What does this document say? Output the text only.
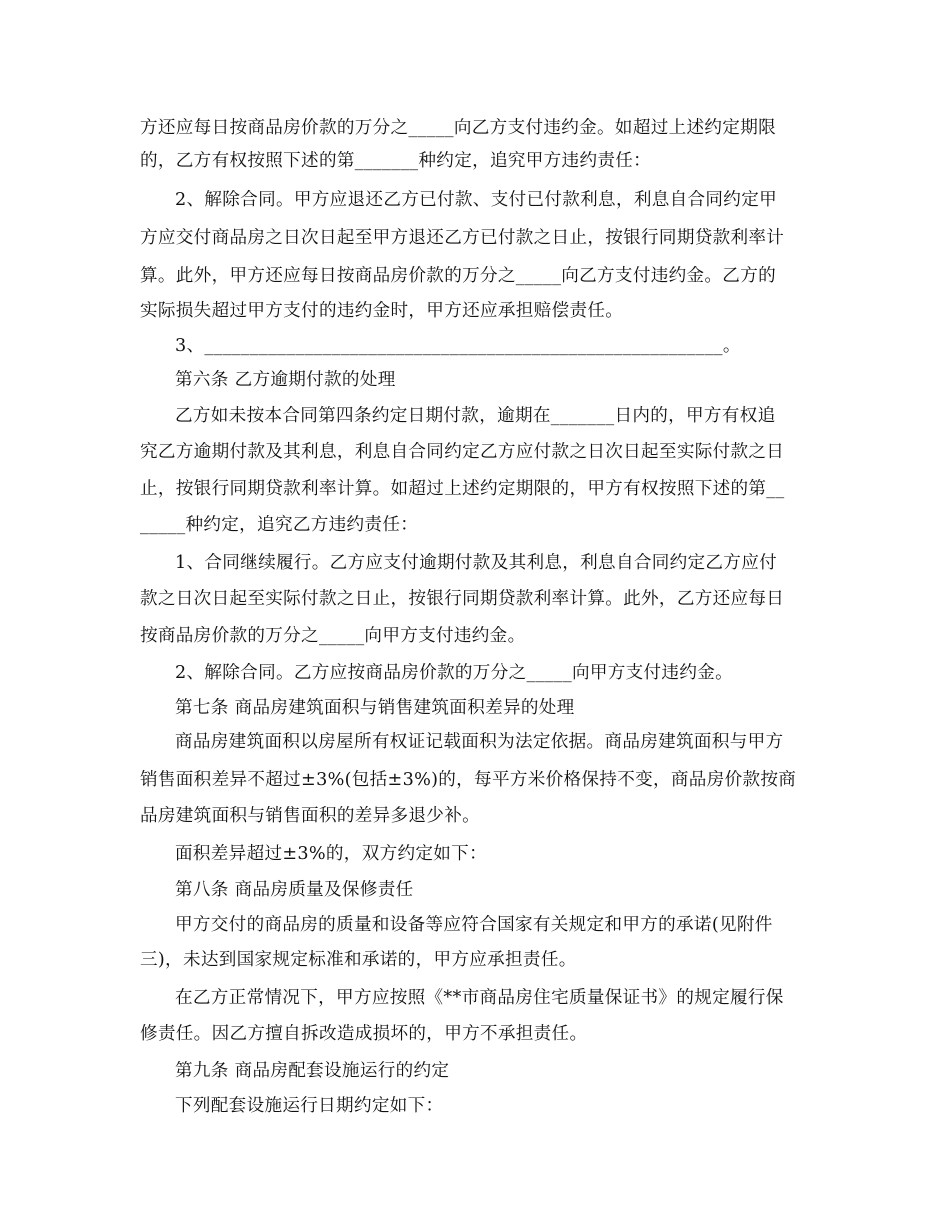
方还应每日按商品房价款的万分之_____向乙方支付违约金。如超过上述约定期限
的，乙方有权按照下述的第_______种约定，追究甲方违约责任：
2、解除合同。甲方应退还乙方已付款、支付已付款利息，利息自合同约定甲
方应交付商品房之日次日起至甲方退还乙方已付款之日止，按银行同期贷款利率计
算。此外，甲方还应每日按商品房价款的万分之_____向乙方支付违约金。乙方的
实际损失超过甲方支付的违约金时，甲方还应承担赔偿责任。
3、_________________________________________________________。
第六条 乙方逾期付款的处理
乙方如未按本合同第四条约定日期付款，逾期在_______日内的，甲方有权追
究乙方逾期付款及其利息，利息自合同约定乙方应付款之日次日起至实际付款之日
止，按银行同期贷款利率计算。如超过上述约定期限的，甲方有权按照下述的第__
_____种约定，追究乙方违约责任：
1、合同继续履行。乙方应支付逾期付款及其利息，利息自合同约定乙方应付
款之日次日起至实际付款之日止，按银行同期贷款利率计算。此外，乙方还应每日
按商品房价款的万分之_____向甲方支付违约金。
2、解除合同。乙方应按商品房价款的万分之_____向甲方支付违约金。
第七条 商品房建筑面积与销售建筑面积差异的处理
商品房建筑面积以房屋所有权证记载面积为法定依据。商品房建筑面积与甲方
销售面积差异不超过±3%(包括±3%)的，每平方米价格保持不变，商品房价款按商
品房建筑面积与销售面积的差异多退少补。
面积差异超过±3%的，双方约定如下：
第八条 商品房质量及保修责任
甲方交付的商品房的质量和设备等应符合国家有关规定和甲方的承诺(见附件
三)，未达到国家规定标准和承诺的，甲方应承担责任。
在乙方正常情况下，甲方应按照《**市商品房住宅质量保证书》的规定履行保
修责任。因乙方擅自拆改造成损坏的，甲方不承担责任。
第九条 商品房配套设施运行的约定
下列配套设施运行日期约定如下：
